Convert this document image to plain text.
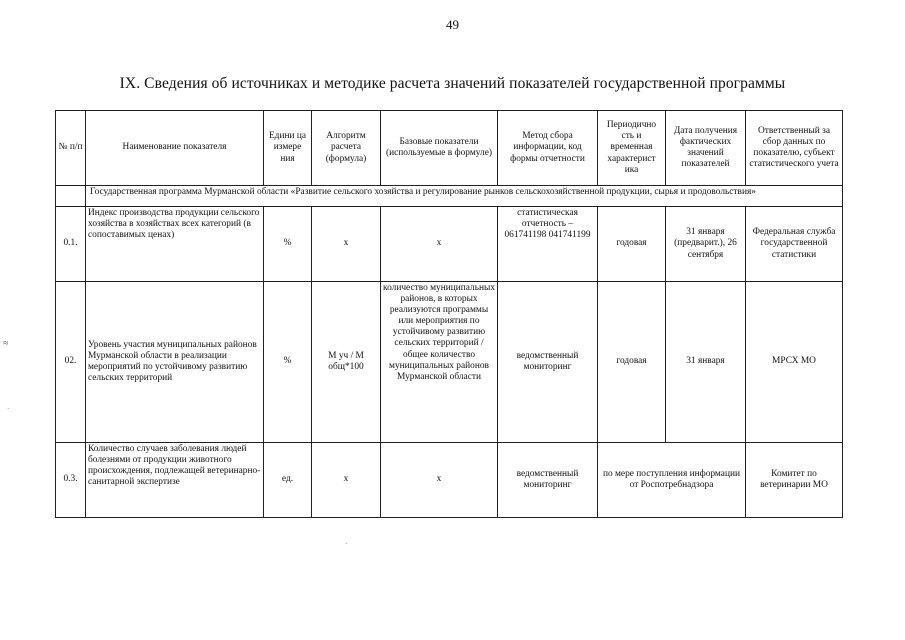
49
IX. Сведения об источниках и методике расчета значений показателей государственной программы
№ п/п	Наименование показателя	Едини ца измере ния	Алгоритм расчета (формула)	Базовые показатели (используемые в формуле)	Метод сбора информации, код формы отчетности	Периодично сть и временная характерист ика	Дата получения фактических значений показателей	Ответственный за сбор данных по показателю, субъект статистического учета
	Государственная программа Мурманской области «Развитие сельского хозяйства и регулирование рынков сельскохозяйственной продукции, сырья и продовольствия»							
0.1.	Индекс производства продукции сельского хозяйства в хозяйствах всех категорий (в сопоставимых ценах)	%	х	х	статистическая отчетность – 061741198 041741199	годовая	31 января (предварит.), 26 сентября	Федеральная служба государственной статистики
02.	Уровень участия муниципальных районов Мурманской области в реализации мероприятий по устойчивому развитию сельских территорий	%	М уч / М общ*100	количество муниципальных районов, в которых реализуются программы или мероприятия по устойчивому развитию сельских территорий / общее количество муниципальных районов Мурманской области	ведомственный мониторинг	годовая	31 января	МРСХ МО
0.3.	Количество случаев заболевания людей болезнями от продукции животного происхождения, подлежащей ветеринарно-санитарной экспертизе	ед.	х	х	ведомственный мониторинг	по мере поступления информации от Роспотребнадзора		Комитет по ветеринарии МО
≈
·
·
